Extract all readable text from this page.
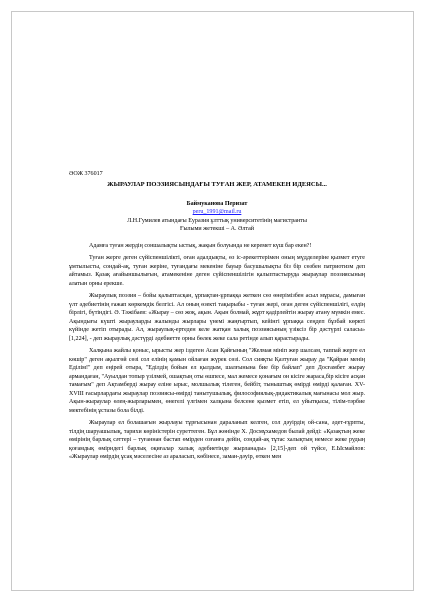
ӘОЖ 376017

ЖЫРАУЛАР ПОЭЗИЯСЫНДАҒЫ ТУҒАН ЖЕР, АТАМЕКЕН ИДЕЯСЫ...

Баймуканова Перизат

peru_1991@mail.ru

Л.Н.Гумилев атындағы Еуразия ұлттық университетінің магистранты

Ғылыми жетекші – А. Әлтай

Адамға туған жердің соншалықты ыстық, жақын болуында не керемет күш бар екен?!

Туған жерге деген сүйіспеншілікті, оған адалдықты, өз іс-әрекеттерімен оның мүдделеріне қызмет етуге ұмтылысты, сондай-ақ, туған жеріне, туғандағы мекеніне бауыр басушылықты біз бір сөзбен патриотизм деп айтамыз. Қазақ ағайыншылығын, атамекеніне деген сүйіспеншілігін қалыптастыруда жыраулар поэзиясының алатын орны ерекше.

Жыраулық поэзия – бойы қалыптасқан, ұрпақтан-ұрпаққа жеткен сөз өнерімізбен асыл мұрасы, дамыған үлт әдебиетінің ғажап көркемдік белгісі. Ал оның өзекті тақырыбы - туған жері, оған деген сүйіспеншілігі, елдің бірлігі, бүтіндігі. Ә. Тәжібаев: «Жырау – сөз жоқ, ақын. Ақын болмай, жұрт қадірлейтін жырау атану мүмкін емес. Ақындығы күшті жырауларды жалынды жырлары үнемі жаңғыртып, кейінгі ұрпаққа сеңдеп бұзбай көркті күйінде жетіп отырады. Ал, жыраулық-ертеден келе жатқан халық поэзиясының үзіксіз бір дәстүрлі саласы» [1,224], - деп жыраулық дәстүрді әдебиетте орны бөлек жеке сала ретінде алып қарастырады.

Халқына жайлы қоныс, ырысты жер іздеген Асан Қайғының "Желмая мініп жер шалсам, таппай жерге ел көшір" деген ақылгөй сөзі сол елінің қамын ойлаған жүрек сөзі. Сол сияқты Қазтуған жырау да "Қайран менің Еділім!" деп еңірей отыра, "Еділдің бойын ел қылдым, шалғынына бие бір байлап" деп Досғамбет жырау армандаған, "Ауылдан топыр үзілмей, ошақтың оты өшпесе, мал жемесе қонағым он кісіге жараса,бір кісіге асқан тамағым" деп Ақтамберді жырау еліне ырыс, молшылық тілеген, бейбіт, тыныштық өмірді өмірді қалаған. XV-XVIII ғасырлардағы жыраулар поэзиясы-өмірді танытушылық, философиялық-дидактикалық мағынасы мол жыр. Ақын-жыраулар өлең-жырларымен, өнегелі үлгімен халқына белсене қызмет етіп, ел уйытқысы, тілім-тәрбие мектебінің ұстазы бола білді.

Жыраулар ел болашағын жырлауы тұрғысынан дараланып келген, сол дәуірдің ой-сана, әдет-ғұрпты, тілдің шаруашылық, тарихи көріністерін суреттеген. Бұл жөнінде Х. Досмұхамедов былай дейді: «Қазақтың жеке өмірінің барлық сәттері – туғаннан бастап өмірден озғанға дейін, сондай-ақ тұтас халықтың немесе жеке рудың қоғамдық өмірндегі барлық оқиғалар халық әдебиетінде жырланады» [2,15]-деп ой түйсе, Е.Ысмайлов: «Жыраулар өмірдің ұсақ мәселесіне аз араласып, көбінесе, заман-дәуір, өткен мен
